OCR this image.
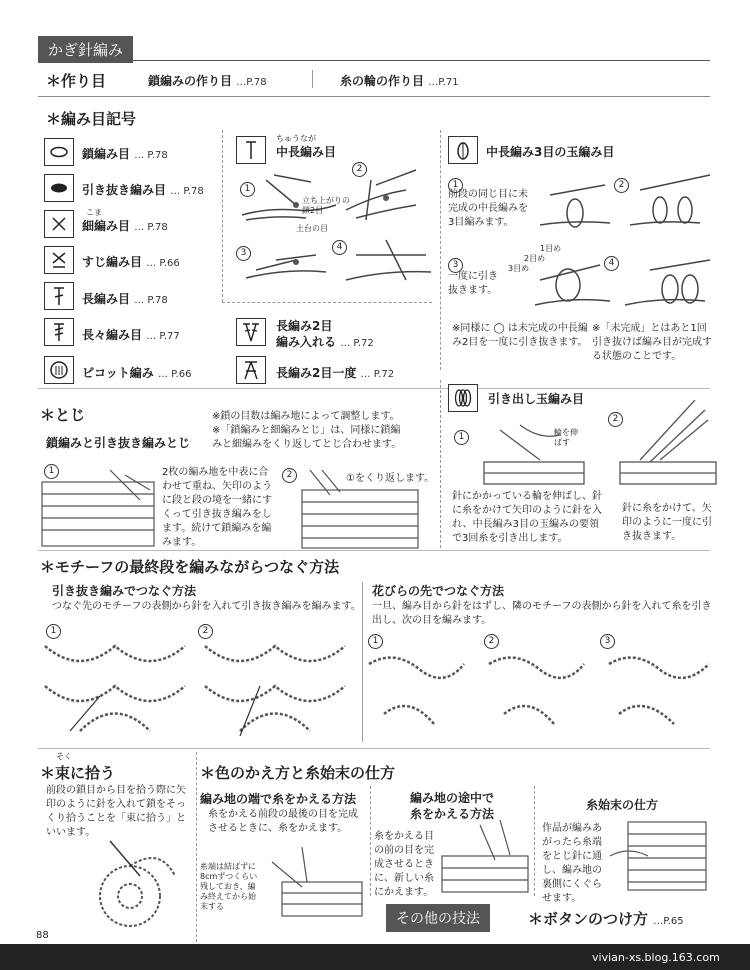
かぎ針編み
＊作り目	鎖編みの作り目 …P.78	糸の輪の作り目 …P.71
＊編み目記号
鎖編み目 … P.78
引き抜き編み目 … P.78
こま
細編み目 … P.78
すじ編み目 … P.66
長編み目 … P.78
長々編み目 … P.77
ピコット編み … P.66
長編み2目
編み入れる … P.72
長編み2目一度 … P.72
ちゅうなが
中長編み目
1
2
3
4
立ち上がりの鎖2目
土台の目
中長編み3目の玉編み目
1
前段の同じ目に未完成の中長編みを3目編みます。
2
3
一度に引き抜きます。
4
1目め
2目め
3目め
※同様に ◯ は未完成の中長編み2目を一度に引き抜きます。
※「未完成」とはあと1回引き抜けば編み目が完成する状態のことです。
＊とじ
鎖編みと引き抜き編みとじ
※鎖の目数は編み地によって調整します。
※「鎖編みと細編みとじ」は、同様に鎖編
みと細編みをくり返してとじ合わせます。
1	2枚の編み地を中表に合わせて重ね、矢印のように段と段の境を一緒にすくって引き抜き編みをします。続けて鎖編みを編みます。
2	①をくり返します。
引き出し玉編み目
1
2
輪を伸ばす
針にかかっている輪を伸ばし、針に糸をかけて矢印のように針を入れ、中長編み3目の玉編みの要領で3回糸を引き出します。
針に糸をかけて、矢印のように一度に引き抜きます。
＊モチーフの最終段を編みながらつなぐ方法
引き抜き編みでつなぐ方法
つなぐ先のモチーフの表側から針を入れて引き抜き編みを編みます。
花びらの先でつなぐ方法
一旦、編み目から針をはずし、隣のモチーフの表側から針を入れて糸を引き出し、次の目を編みます。
1	2
1	2	3
そく
＊束に拾う
前段の鎖目から目を拾う際に矢印のように針を入れて鎖をそっくり拾うことを「束に拾う」といいます。
＊色のかえ方と糸始末の仕方
編み地の端で糸をかえる方法
糸をかえる前段の最後の目を完成させるときに、糸をかえます。
糸端は結ばずに8cmずつくらい残しておき、編み終えてから始末する
編み地の途中で
糸をかえる方法
糸をかえる目の前の目を完成させるときに、新しい糸にかえます。
糸始末の仕方
作品が編みあがったら糸端をとじ針に通し、編み地の裏側にくぐらせます。
その他の技法	＊ボタンのつけ方 …P.65
88
vivian-xs.blog.163.com
